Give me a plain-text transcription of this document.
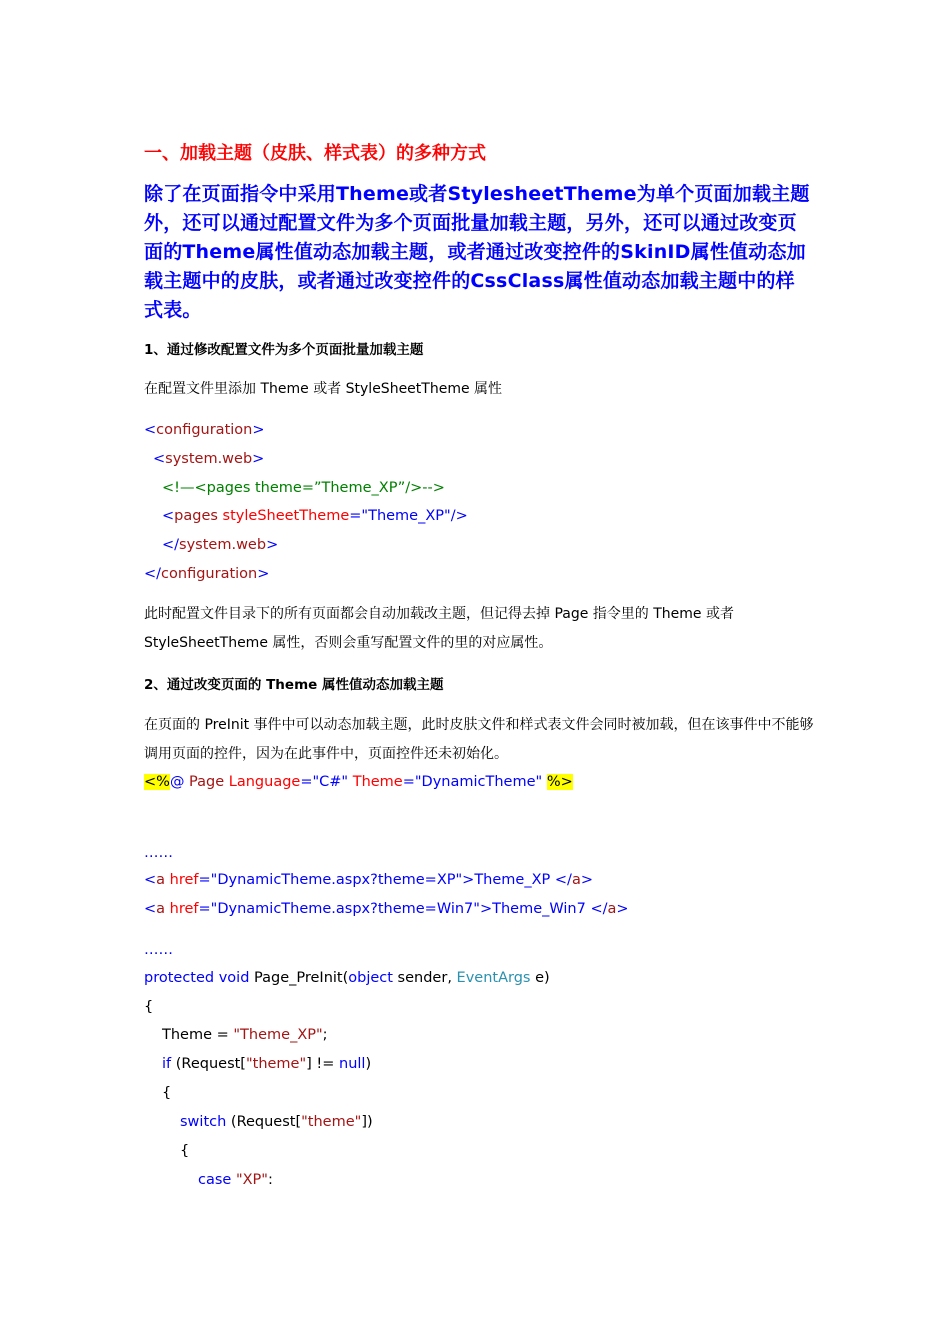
一、加载主题（皮肤、样式表）的多种方式
除了在页面指令中采用Theme或者StylesheetTheme为单个页面加载主题外，还可以通过配置文件为多个页面批量加载主题，另外，还可以通过改变页面的Theme属性值动态加载主题，或者通过改变控件的SkinID属性值动态加载主题中的皮肤，或者通过改变控件的CssClass属性值动态加载主题中的样式表。
1、通过修改配置文件为多个页面批量加载主题
在配置文件里添加 Theme 或者 StyleSheetTheme 属性
<configuration>
<system.web>
<!—<pages theme=”Theme_XP”/>-->
<pages styleSheetTheme="Theme_XP"/>
</system.web>
</configuration>
此时配置文件目录下的所有页面都会自动加载改主题，但记得去掉 Page 指令里的 Theme 或者 StyleSheetTheme 属性，否则会重写配置文件的里的对应属性。
2、通过改变页面的 Theme 属性值动态加载主题
在页面的 PreInit 事件中可以动态加载主题，此时皮肤文件和样式表文件会同时被加载，但在该事件中不能够调用页面的控件，因为在此事件中，页面控件还未初始化。
<%@ Page Language="C#" Theme="DynamicTheme" %>
……
<a href="DynamicTheme.aspx?theme=XP">Theme_XP </a>
<a href="DynamicTheme.aspx?theme=Win7">Theme_Win7 </a>
……
protected void Page_PreInit(object sender, EventArgs e)
{
Theme = "Theme_XP";
if (Request["theme"] != null)
{
switch (Request["theme"])
{
case "XP":
